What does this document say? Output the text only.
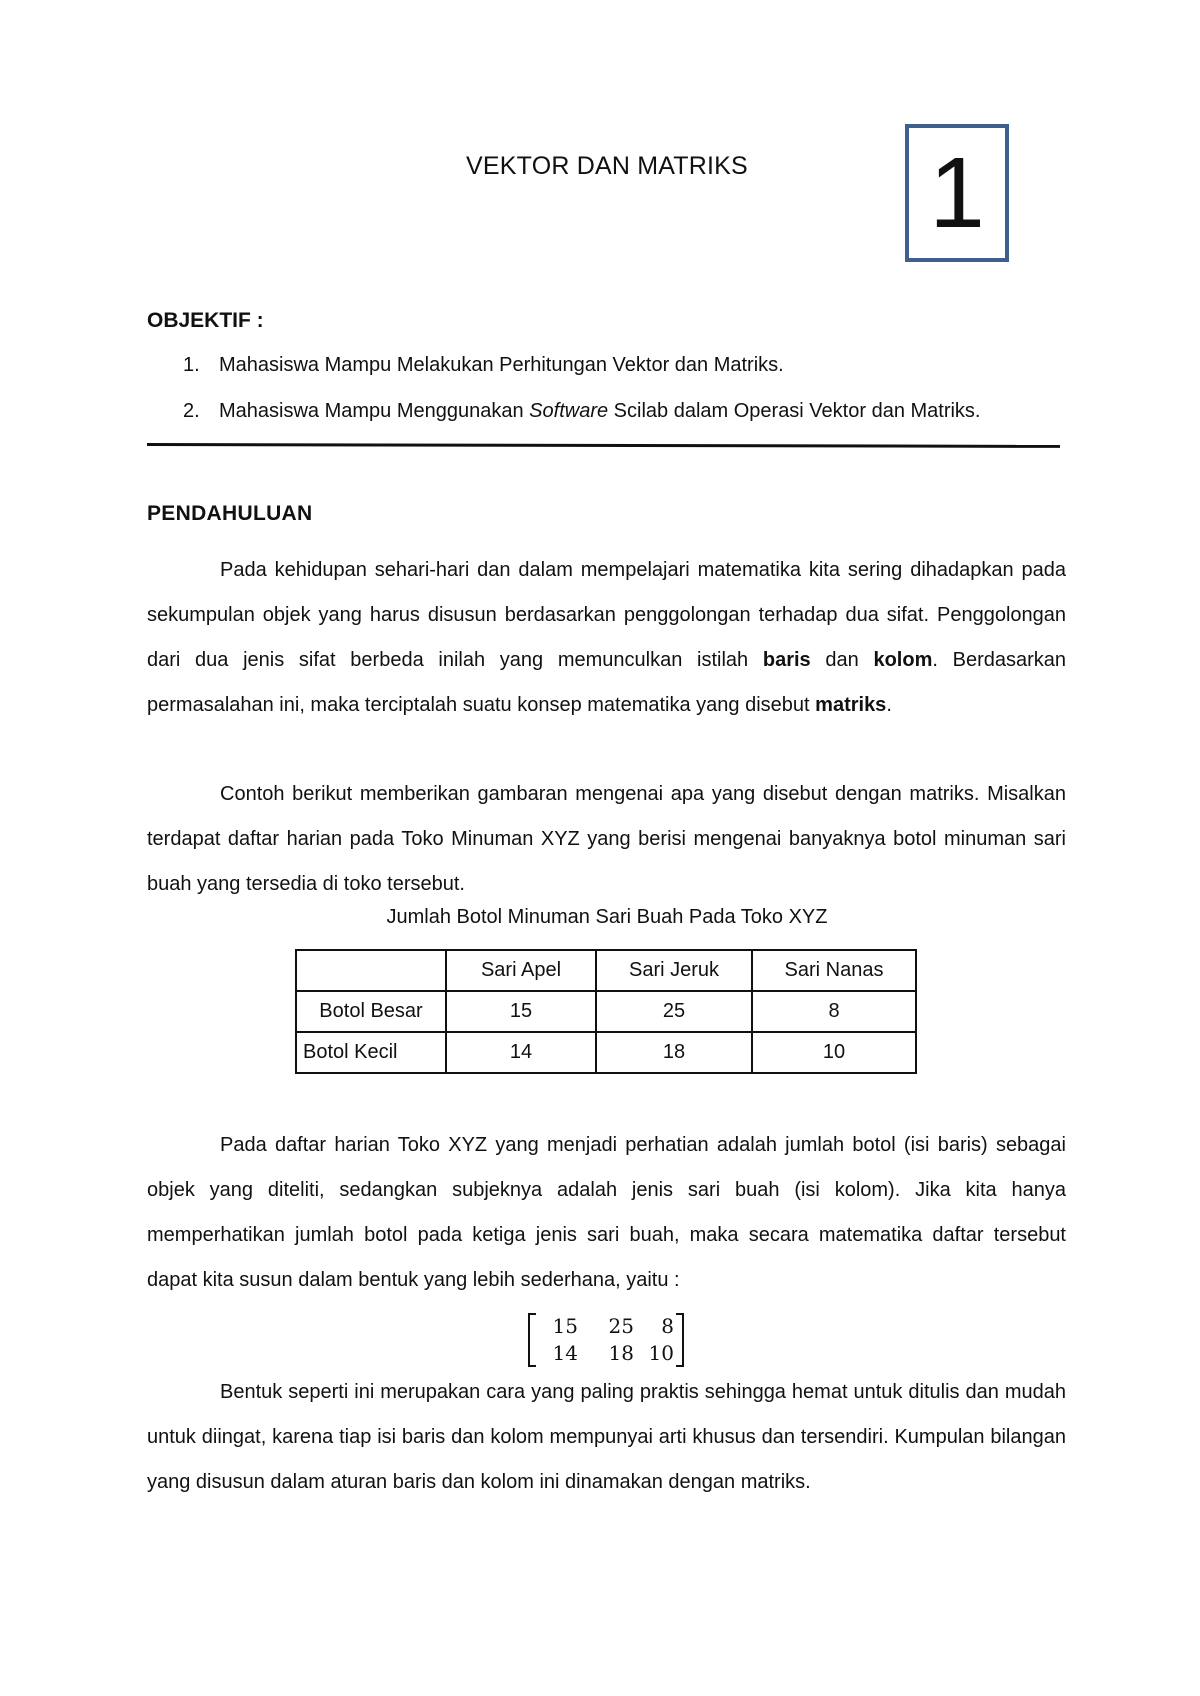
VEKTOR DAN MATRIKS	1
OBJEKTIF :
1. Mahasiswa Mampu Melakukan Perhitungan Vektor dan Matriks.
2. Mahasiswa Mampu Menggunakan Software Scilab dalam Operasi Vektor dan Matriks.
PENDAHULUAN

Pada kehidupan sehari-hari dan dalam mempelajari matematika kita sering dihadapkan pada sekumpulan objek yang harus disusun berdasarkan penggolongan terhadap dua sifat. Penggolongan dari dua jenis sifat berbeda inilah yang memunculkan istilah baris dan kolom. Berdasarkan permasalahan ini, maka terciptalah suatu konsep matematika yang disebut matriks.

Contoh berikut memberikan gambaran mengenai apa yang disebut dengan matriks. Misalkan terdapat daftar harian pada Toko Minuman XYZ yang berisi mengenai banyaknya botol minuman sari buah yang tersedia di toko tersebut.

Jumlah Botol Minuman Sari Buah Pada Toko XYZ
	Sari Apel	Sari Jeruk	Sari Nanas
Botol Besar	15	25	8
Botol Kecil	14	18	10

Pada daftar harian Toko XYZ yang menjadi perhatian adalah jumlah botol (isi baris) sebagai objek yang diteliti, sedangkan subjeknya adalah jenis sari buah (isi kolom). Jika kita hanya memperhatikan jumlah botol pada ketiga jenis sari buah, maka secara matematika daftar tersebut dapat kita susun dalam bentuk yang lebih sederhana, yaitu :

15	25	8
14	18 10

Bentuk seperti ini merupakan cara yang paling praktis sehingga hemat untuk ditulis dan mudah untuk diingat, karena tiap isi baris dan kolom mempunyai arti khusus dan tersendiri. Kumpulan bilangan yang disusun dalam aturan baris dan kolom ini dinamakan dengan matriks.
